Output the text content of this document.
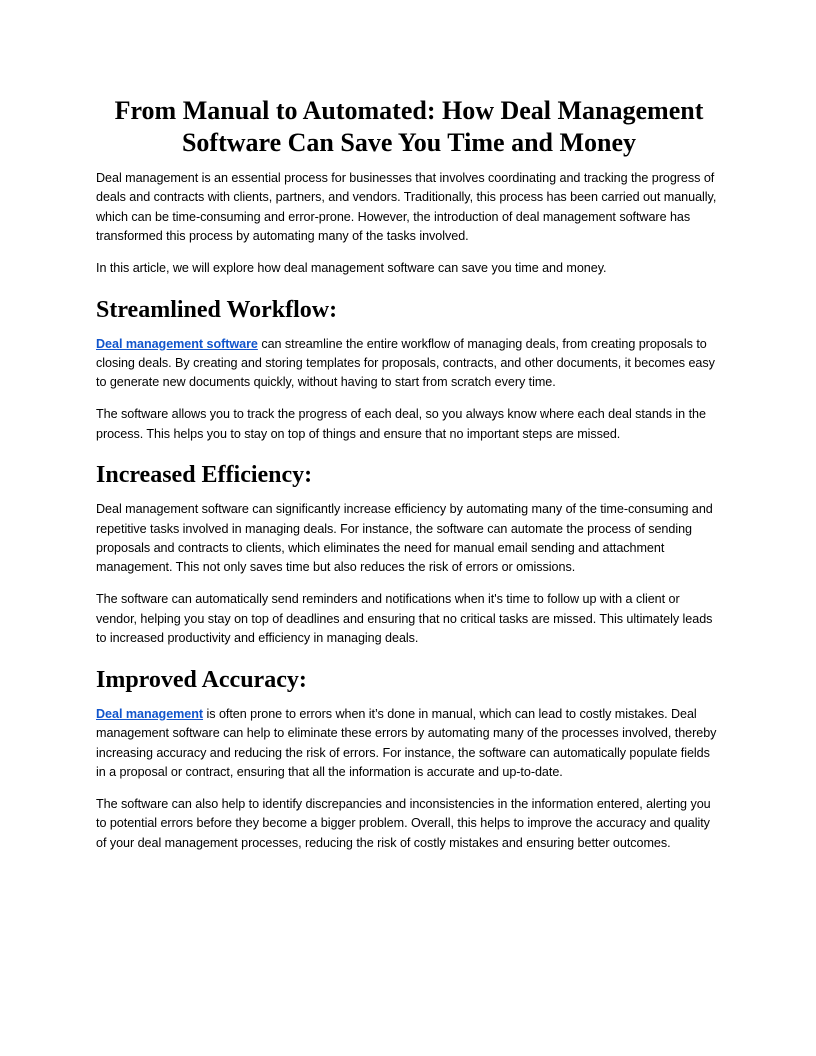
From Manual to Automated: How Deal Management Software Can Save You Time and Money

Deal management is an essential process for businesses that involves coordinating and tracking the progress of deals and contracts with clients, partners, and vendors. Traditionally, this process has been carried out manually, which can be time-consuming and error-prone. However, the introduction of deal management software has transformed this process by automating many of the tasks involved.

In this article, we will explore how deal management software can save you time and money.

Streamlined Workflow:

Deal management software can streamline the entire workflow of managing deals, from creating proposals to closing deals. By creating and storing templates for proposals, contracts, and other documents, it becomes easy to generate new documents quickly, without having to start from scratch every time.

The software allows you to track the progress of each deal, so you always know where each deal stands in the process. This helps you to stay on top of things and ensure that no important steps are missed.

Increased Efficiency:

Deal management software can significantly increase efficiency by automating many of the time-consuming and repetitive tasks involved in managing deals. For instance, the software can automate the process of sending proposals and contracts to clients, which eliminates the need for manual email sending and attachment management. This not only saves time but also reduces the risk of errors or omissions.

The software can automatically send reminders and notifications when it's time to follow up with a client or vendor, helping you stay on top of deadlines and ensuring that no critical tasks are missed. This ultimately leads to increased productivity and efficiency in managing deals.

Improved Accuracy:

Deal management is often prone to errors when it’s done in manual, which can lead to costly mistakes. Deal management software can help to eliminate these errors by automating many of the processes involved, thereby increasing accuracy and reducing the risk of errors. For instance, the software can automatically populate fields in a proposal or contract, ensuring that all the information is accurate and up-to-date.

The software can also help to identify discrepancies and inconsistencies in the information entered, alerting you to potential errors before they become a bigger problem. Overall, this helps to improve the accuracy and quality of your deal management processes, reducing the risk of costly mistakes and ensuring better outcomes.
